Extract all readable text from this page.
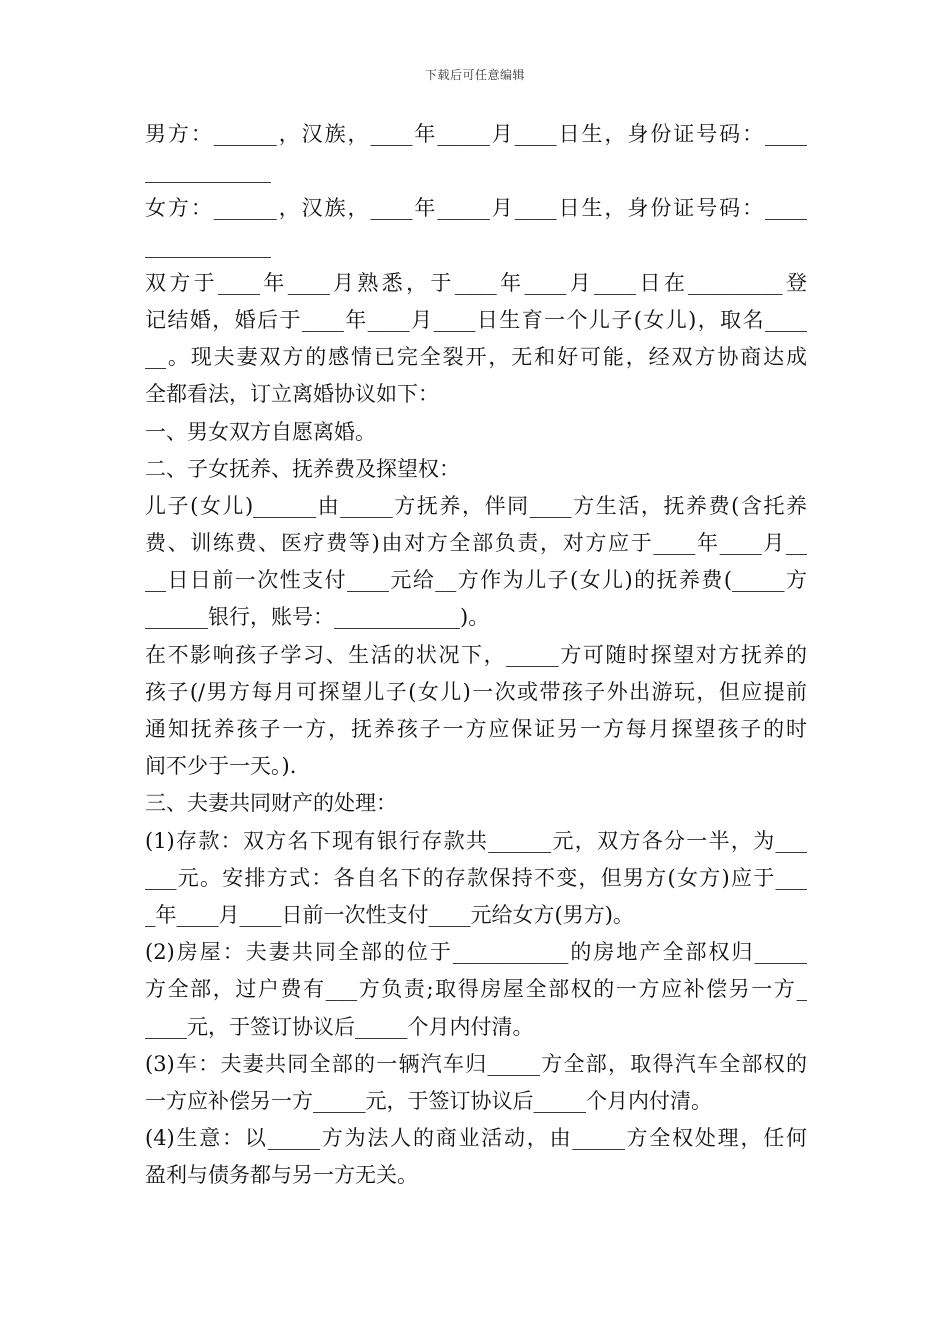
下载后可任意编辑
男方：______，汉族，____年_____月____日生，身份证号码：____
____________
女方：______，汉族，____年_____月____日生，身份证号码：____
____________
双方于____年____月熟悉，于____年____月____日在_________登
记结婚，婚后于____年____月____日生育一个儿子(女儿)，取名____
__。现夫妻双方的感情已完全裂开，无和好可能，经双方协商达成
全都看法，订立离婚协议如下：
一、男女双方自愿离婚。
二、子女抚养、抚养费及探望权：
儿子(女儿)______由_____方抚养，伴同____方生活，抚养费(含托养
费、训练费、医疗费等)由对方全部负责，对方应于____年____月__
__日日前一次性支付____元给__方作为儿子(女儿)的抚养费(_____方
______银行，账号：____________)。
在不影响孩子学习、生活的状况下，_____方可随时探望对方抚养的
孩子(/男方每月可探望儿子(女儿)一次或带孩子外出游玩，但应提前
通知抚养孩子一方，抚养孩子一方应保证另一方每月探望孩子的时
间不少于一天。).
三、夫妻共同财产的处理：
(1)存款：双方名下现有银行存款共______元，双方各分一半，为___
___元。安排方式：各自名下的存款保持不变，但男方(女方)应于___
_年____月____日前一次性支付____元给女方(男方)。
(2)房屋：夫妻共同全部的位于___________的房地产全部权归_____
方全部，过户费有___方负责;取得房屋全部权的一方应补偿另一方_
____元，于签订协议后_____个月内付清。
(3)车：夫妻共同全部的一辆汽车归_____方全部，取得汽车全部权的
一方应补偿另一方_____元，于签订协议后_____个月内付清。
(4)生意：以_____方为法人的商业活动，由_____方全权处理，任何
盈利与债务都与另一方无关。
